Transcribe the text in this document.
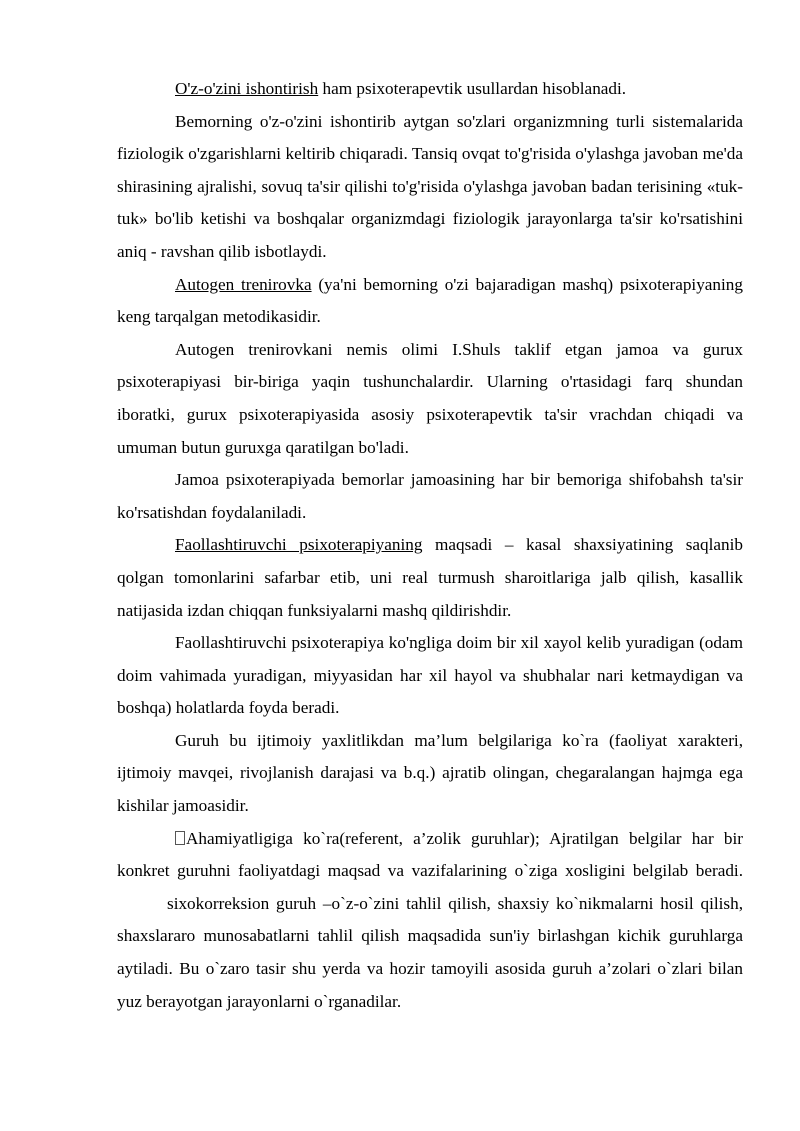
O'z-o'zini ishontirish ham psixoterapevtik usullardan hisoblanadi.

Bemorning o'z-o'zini ishontirib aytgan so'zlari organizmning turli sistemalarida fiziologik o'zgarishlarni keltirib chiqaradi. Tansiq ovqat to'g'risida o'ylashga javoban me'da shirasining ajralishi, sovuq ta'sir qilishi to'g'risida o'ylashga javoban badan terisining «tuk-tuk» bo'lib ketishi va boshqalar organizmdagi fiziologik jarayonlarga ta'sir ko'rsatishini aniq - ravshan qilib isbotlaydi.

Autogen trenirovka (ya'ni bemorning o'zi bajaradigan mashq) psixoterapiyaning keng tarqalgan metodikasidir.

Autogen trenirovkani nemis olimi I.Shuls taklif etgan jamoa va gurux psixoterapiyasi bir-biriga yaqin tushunchalardir. Ularning o'rtasidagi farq shundan iboratki, gurux psixoterapiyasida asosiy psixoterapevtik ta'sir vrachdan chiqadi va umuman butun guruxga qaratilgan bo'ladi.

Jamoa psixoterapiyada bemorlar jamoasining har bir bemoriga shifobahsh ta'sir ko'rsatishdan foydalaniladi.

Faollashtiruvchi psixoterapiyaning maqsadi – kasal shaxsiyatining saqlanib qolgan tomonlarini safarbar etib, uni real turmush sharoitlariga jalb qilish, kasallik natijasida izdan chiqqan funksiyalarni mashq qildirishdir.

Faollashtiruvchi psixoterapiya ko'ngliga doim bir xil xayol kelib yuradigan (odam doim vahimada yuradigan, miyyasidan har xil hayol va shubhalar nari ketmaydigan va boshqa) holatlarda foyda beradi.

Guruh bu ijtimoiy yaxlitlikdan ma’lum belgilariga ko`ra (faoliyat xarakteri, ijtimoiy mavqei, rivojlanish darajasi va b.q.) ajratib olingan, chegaralangan hajmga ega kishilar jamoasidir.

Ahamiyatligiga ko`ra(referent, a’zolik guruhlar); Ajratilgan belgilar har bir konkret guruhni faoliyatdagi maqsad va vazifalarining o`ziga xosligini belgilab beradi.sixokorreksion guruh ‒o`z-o`zini tahlil qilish, shaxsiy ko`nikmalarni hosil qilish, shaxslararo munosabatlarni tahlil qilish maqsadida sun'iy birlashgan kichik guruhlarga aytiladi. Bu o`zaro tasir shu yerda va hozir tamoyili asosida guruh a’zolari o`zlari bilan yuz berayotgan jarayonlarni o`rganadilar.
